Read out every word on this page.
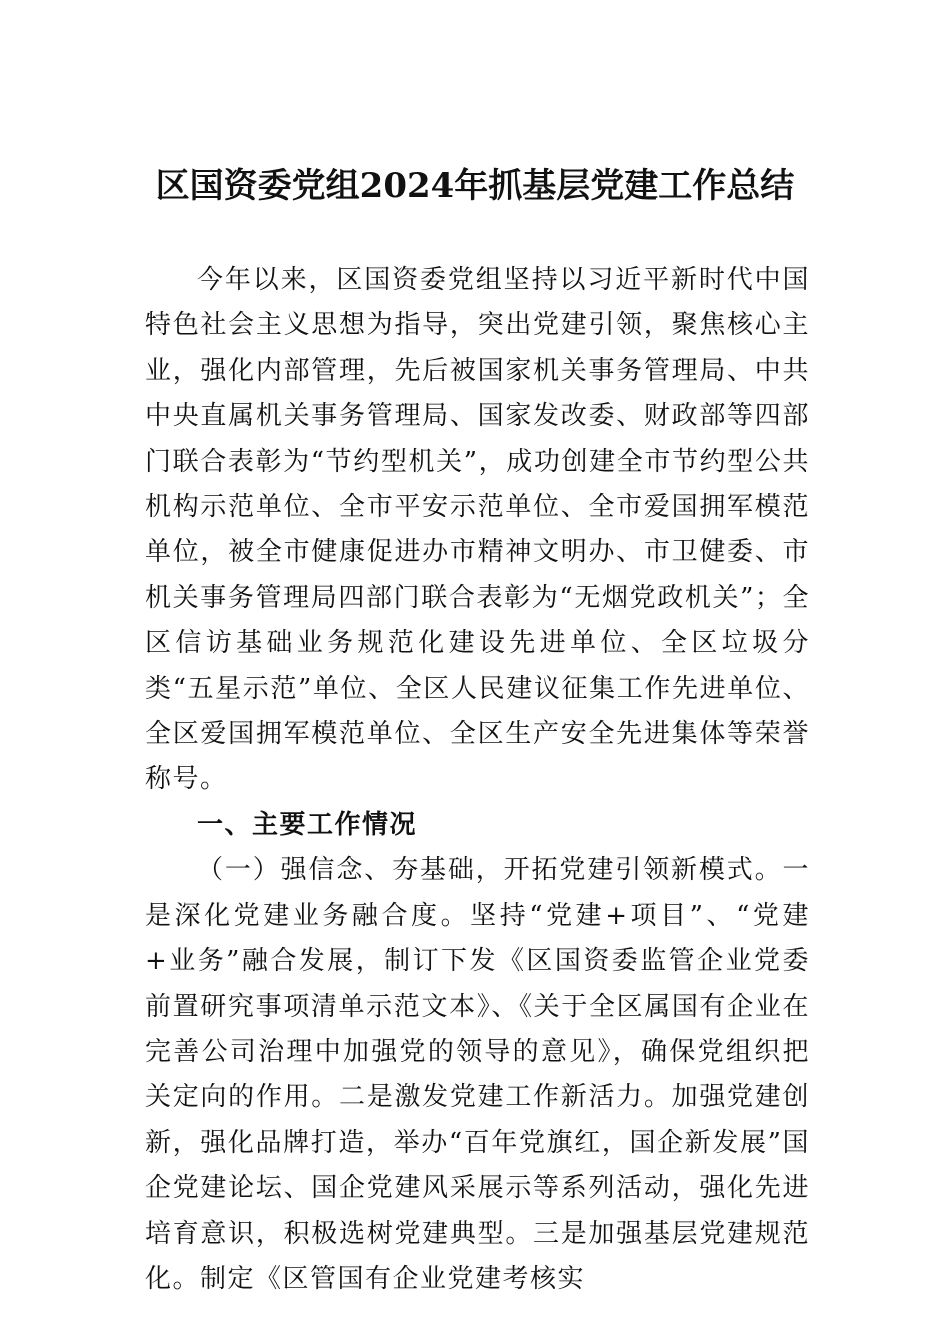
区国资委党组2024年抓基层党建工作总结

今年以来，区国资委党组坚持以习近平新时代中国特色社会主义思想为指导，突出党建引领，聚焦核心主业，强化内部管理，先后被国家机关事务管理局、中共中央直属机关事务管理局、国家发改委、财政部等四部门联合表彰为“节约型机关”，成功创建全市节约型公共机构示范单位、全市平安示范单位、全市爱国拥军模范单位，被全市健康促进办市精神文明办、市卫健委、市机关事务管理局四部门联合表彰为“无烟党政机关”；全区信访基础业务规范化建设先进单位、全区垃圾分类“五星示范”单位、全区人民建议征集工作先进单位、全区爱国拥军模范单位、全区生产安全先进集体等荣誉称号。

一、主要工作情况

（一）强信念、夯基础，开拓党建引领新模式。一是深化党建业务融合度。坚持“党建+项目”、“党建+业务”融合发展，制订下发《区国资委监管企业党委前置研究事项清单示范文本》、《关于全区属国有企业在完善公司治理中加强党的领导的意见》，确保党组织把关定向的作用。二是激发党建工作新活力。加强党建创新，强化品牌打造，举办“百年党旗红，国企新发展”国企党建论坛、国企党建风采展示等系列活动，强化先进培育意识，积极选树党建典型。三是加强基层党建规范化。制定《区管国有企业党建考核实
